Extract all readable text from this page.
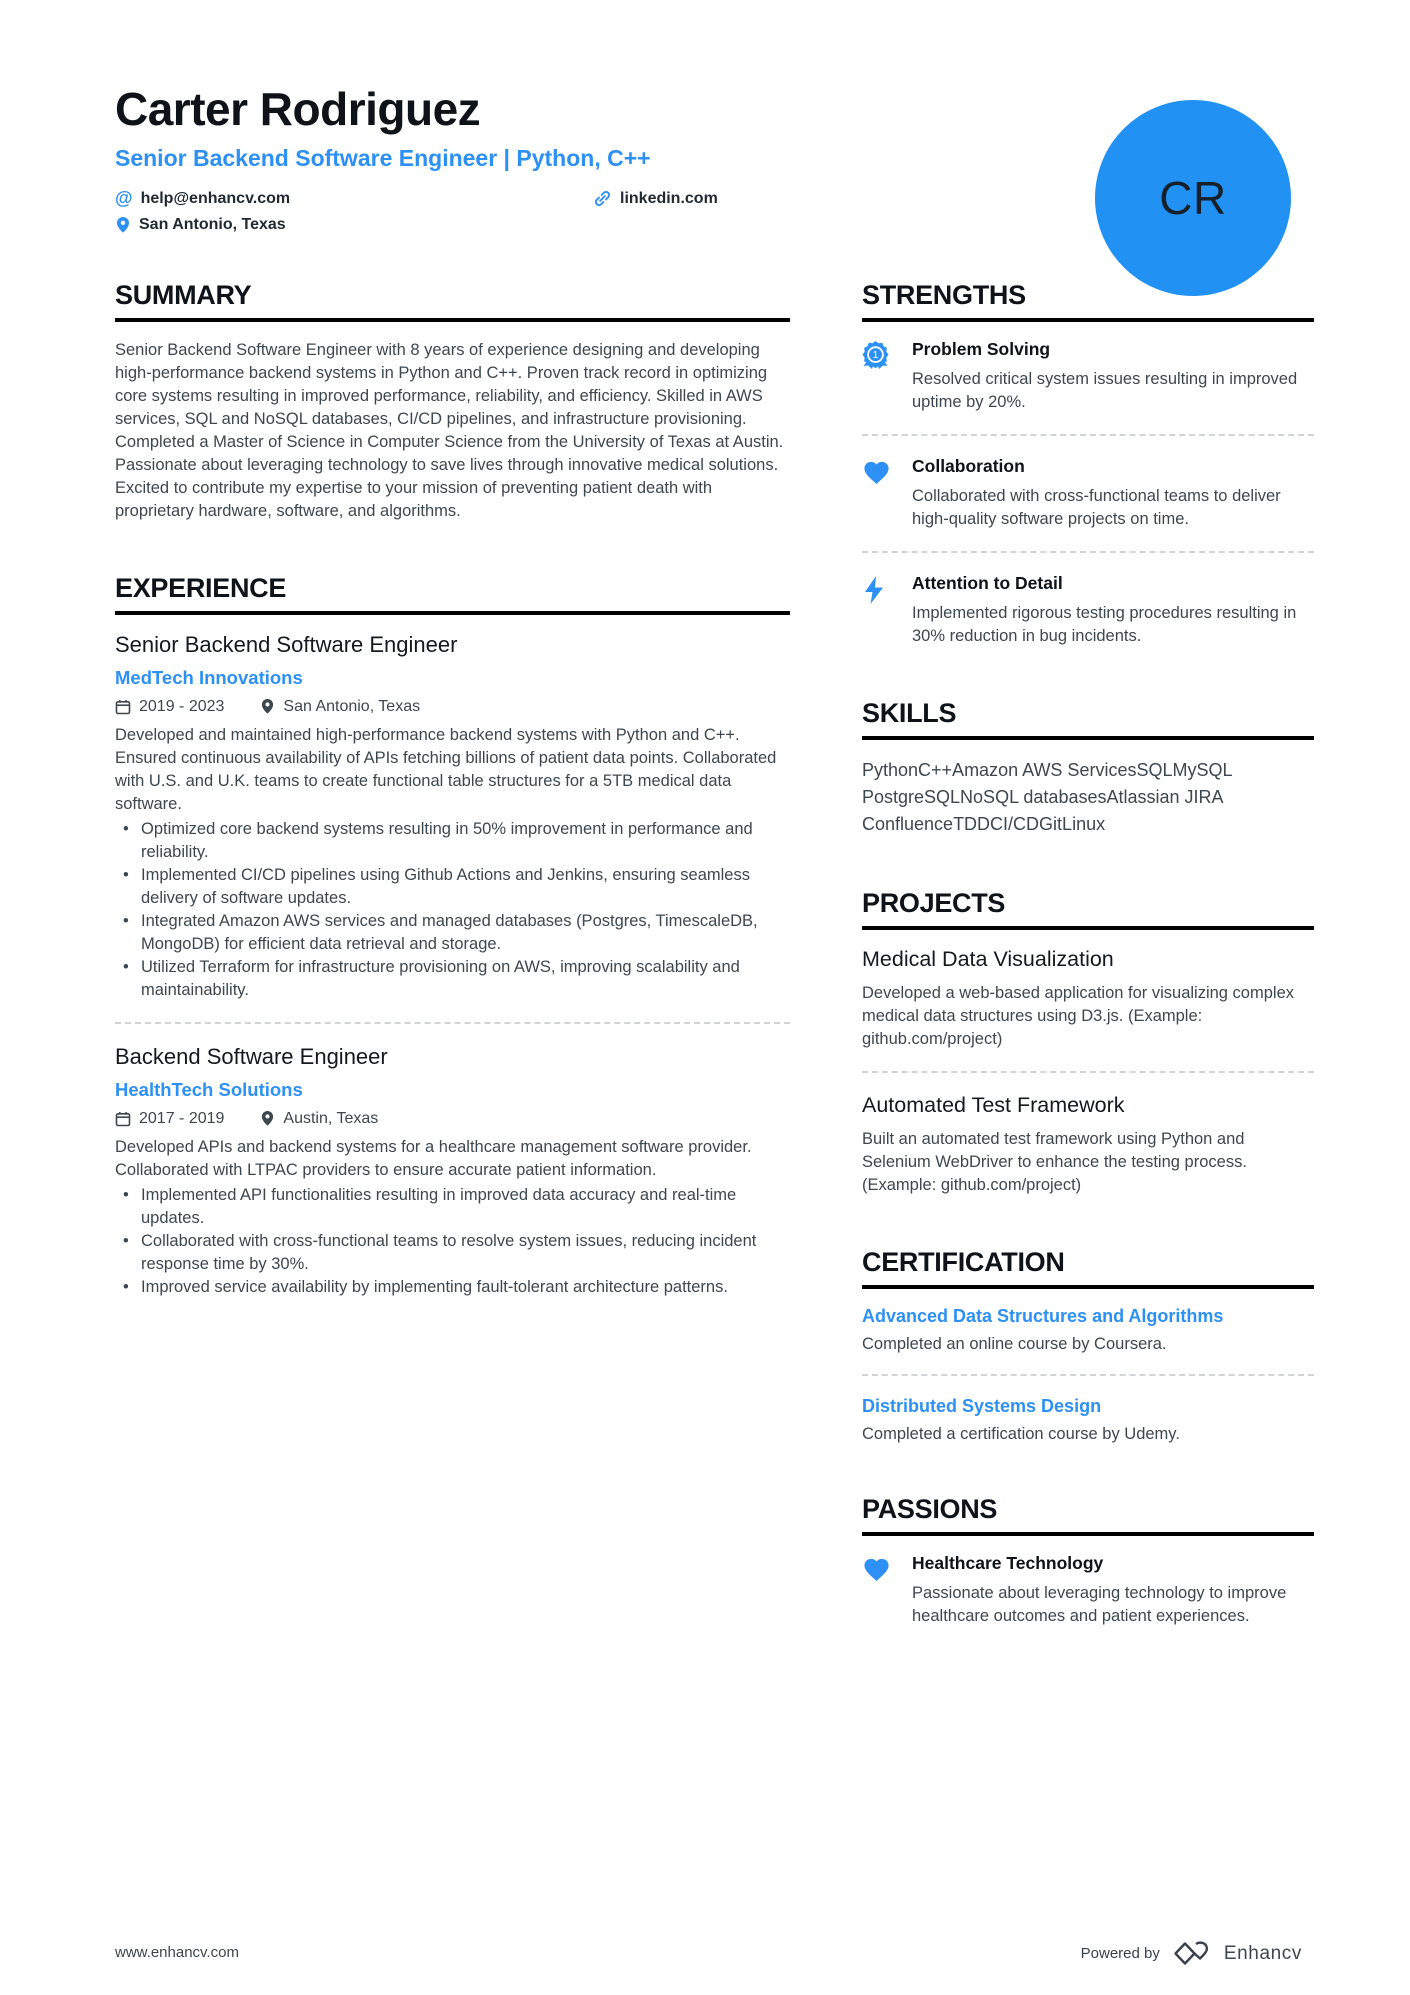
Carter Rodriguez
Senior Backend Software Engineer | Python, C++
@ help@enhancv.com	linkedin.com
San Antonio, Texas
CR
SUMMARY

Senior Backend Software Engineer with 8 years of experience designing and developing high-performance backend systems in Python and C++. Proven track record in optimizing core systems resulting in improved performance, reliability, and efficiency. Skilled in AWS services, SQL and NoSQL databases, CI/CD pipelines, and infrastructure provisioning. Completed a Master of Science in Computer Science from the University of Texas at Austin. Passionate about leveraging technology to save lives through innovative medical solutions. Excited to contribute my expertise to your mission of preventing patient death with proprietary hardware, software, and algorithms.

EXPERIENCE
Senior Backend Software Engineer
MedTech Innovations
2019 - 2023	San Antonio, Texas

Developed and maintained high-performance backend systems with Python and C++. Ensured continuous availability of APIs fetching billions of patient data points. Collaborated with U.S. and U.K. teams to create functional table structures for a 5TB medical data software.

• Optimized core backend systems resulting in 50% improvement in performance and reliability.
• Implemented CI/CD pipelines using Github Actions and Jenkins, ensuring seamless delivery of software updates.
• Integrated Amazon AWS services and managed databases (Postgres, TimescaleDB, MongoDB) for efficient data retrieval and storage.
• Utilized Terraform for infrastructure provisioning on AWS, improving scalability and maintainability.
Backend Software Engineer
HealthTech Solutions
2017 - 2019	Austin, Texas

Developed APIs and backend systems for a healthcare management software provider. Collaborated with LTPAC providers to ensure accurate patient information.

• Implemented API functionalities resulting in improved data accuracy and real-time updates.
• Collaborated with cross-functional teams to resolve system issues, reducing incident response time by 30%.
• Improved service availability by implementing fault-tolerant architecture patterns.
STRENGTHS
1 Problem Solving
Resolved critical system issues resulting in improved uptime by 20%.
Collaboration
Collaborated with cross-functional teams to deliver high-quality software projects on time.
Attention to Detail
Implemented rigorous testing procedures resulting in 30% reduction in bug incidents.
SKILLS
Python​C++​Amazon AWS Services​SQL​MySQL​PostgreSQL​NoSQL databases​Atlassian JIRA​Confluence​TDD​CI/CD​Git​Linux
PROJECTS
Medical Data Visualization

Developed a web-based application for visualizing complex medical data structures using D3.js. (Example: github.com/project)

Automated Test Framework

Built an automated test framework using Python and Selenium WebDriver to enhance the testing process. (Example: github.com/project)

CERTIFICATION
Advanced Data Structures and Algorithms
Completed an online course by Coursera.
Distributed Systems Design
Completed a certification course by Udemy.
PASSIONS
Healthcare Technology
Passionate about leveraging technology to improve healthcare outcomes and patient experiences.
www.enhancv.com	Powered by	Enhancv
